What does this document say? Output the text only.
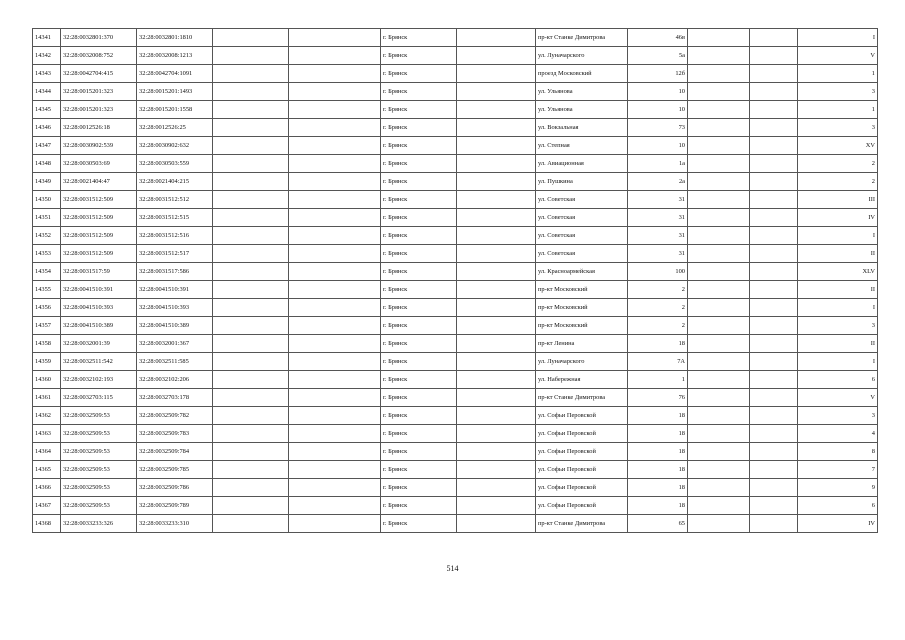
14341	32:28:0032801:370	32:28:0032801:1810			г. Брянск		пр-кт Станке Димитрова	46в			I
14342	32:28:0032008:752	32:28:0032008:1213			г. Брянск		ул. Луначарского	5а			V
14343	32:28:0042704:415	32:28:0042704:1091			г. Брянск		проезд Московский	12б			1
14344	32:28:0015201:323	32:28:0015201:1493			г. Брянск		ул. Ульянова	10			3
14345	32:28:0015201:323	32:28:0015201:1558			г. Брянск		ул. Ульянова	10			1
14346	32:28:0012526:18	32:28:0012526:25			г. Брянск		ул. Вокзальная	73			3
14347	32:28:0030902:539	32:28:0030902:632			г. Брянск		ул. Степная	10			XV
14348	32:28:0030503:69	32:28:0030503:559			г. Брянск		ул. Авиационная	1а			2
14349	32:28:0021404:47	32:28:0021404:215			г. Брянск		ул. Пушкина	2а			2
14350	32:28:0031512:509	32:28:0031512:512			г. Брянск		ул. Советская	31			III
14351	32:28:0031512:509	32:28:0031512:515			г. Брянск		ул. Советская	31			IV
14352	32:28:0031512:509	32:28:0031512:516			г. Брянск		ул. Советская	31			I
14353	32:28:0031512:509	32:28:0031512:517			г. Брянск		ул. Советская	31			II
14354	32:28:0031517:59	32:28:0031517:586			г. Брянск		ул. Красноармейская	100			XLV
14355	32:28:0041510:391	32:28:0041510:391			г. Брянск		пр-кт Московский	2			II
14356	32:28:0041510:393	32:28:0041510:393			г. Брянск		пр-кт Московский	2			I
14357	32:28:0041510:389	32:28:0041510:389			г. Брянск		пр-кт Московский	2			3
14358	32:28:0032001:39	32:28:0032001:367			г. Брянск		пр-кт Ленина	18			II
14359	32:28:0032511:542	32:28:0032511:585			г. Брянск		ул. Луначарского	7А			I
14360	32:28:0032102:193	32:28:0032102:206			г. Брянск		ул. Набережная	1			6
14361	32:28:0032703:115	32:28:0032703:178			г. Брянск		пр-кт Станке Димитрова	76			V
14362	32:28:0032509:53	32:28:0032509:782			г. Брянск		ул. Софьи Перовской	18			3
14363	32:28:0032509:53	32:28:0032509:783			г. Брянск		ул. Софьи Перовской	18			4
14364	32:28:0032509:53	32:28:0032509:784			г. Брянск		ул. Софьи Перовской	18			8
14365	32:28:0032509:53	32:28:0032509:785			г. Брянск		ул. Софьи Перовской	18			7
14366	32:28:0032509:53	32:28:0032509:786			г. Брянск		ул. Софьи Перовской	18			9
14367	32:28:0032509:53	32:28:0032509:789			г. Брянск		ул. Софьи Перовской	18			6
14368	32:28:0033233:326	32:28:0033233:310			г. Брянск		пр-кт Станке Димитрова	65			IV
514
